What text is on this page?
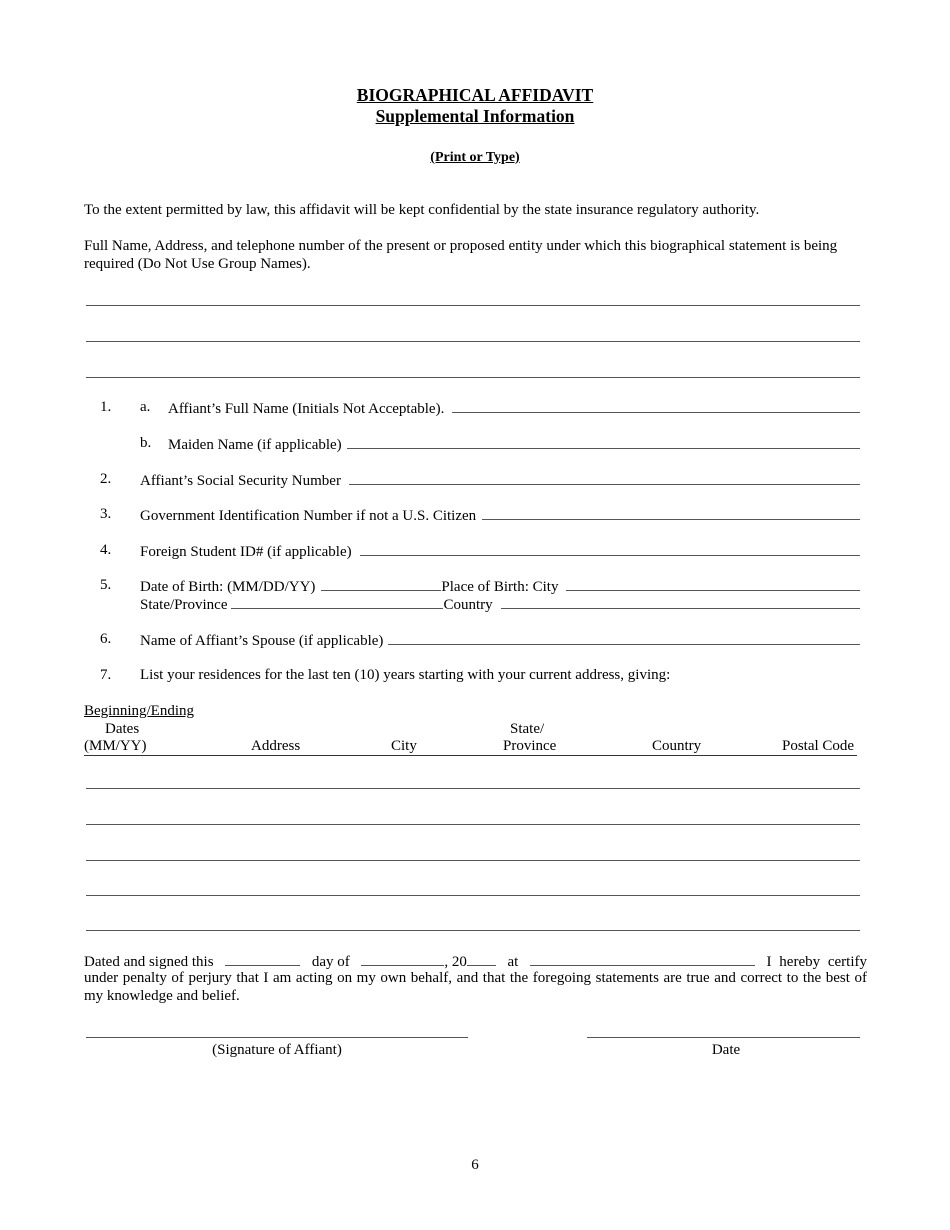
BIOGRAPHICAL AFFIDAVIT
Supplemental Information
(Print or Type)
To the extent permitted by law, this affidavit will be kept confidential by the state insurance regulatory authority.
Full Name, Address, and telephone number of the present or proposed entity under which this biographical statement is being required (Do Not Use Group Names).
1. a. Affiant’s Full Name (Initials Not Acceptable).
b. Maiden Name (if applicable)
2. Affiant’s Social Security Number
3. Government Identification Number if not a U.S. Citizen
4. Foreign Student ID# (if applicable)
5. Date of Birth: (MM/DD/YY)	Place of Birth: City
State/Province	Country
6. Name of Affiant’s Spouse (if applicable)
7. List your residences for the last ten (10) years starting with your current address, giving:
Beginning/Ending
Dates	State/
(MM/YY)	Address	City	Province	Country	Postal Code
Dated and signed this	day of	, 20	at	I hereby certify
under penalty of perjury that I am acting on my own behalf, and that the foregoing statements are true and correct to the best of my knowledge and belief.
(Signature of Affiant)	Date
6
